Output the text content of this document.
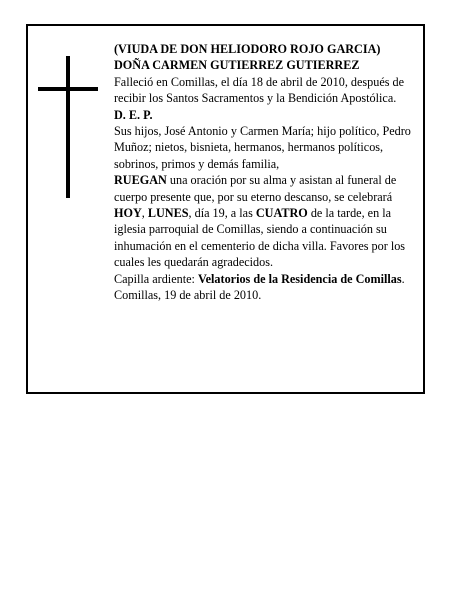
(VIUDA DE DON HELIODORO ROJO GARCIA)

DOÑA CARMEN GUTIERREZ GUTIERREZ

Falleció en Comillas, el día 18 de abril de 2010, después de recibir los Santos Sacramentos y la Bendición Apostólica.

D. E. P.

Sus hijos, José Antonio y Carmen María; hijo político, Pedro Muñoz; nietos, bisnieta, hermanos, hermanos políticos, sobrinos, primos y demás familia,

RUEGAN una oración por su alma y asistan al funeral de cuerpo presente que, por su eterno descanso, se celebrará HOY, LUNES, día 19, a las CUATRO de la tarde, en la iglesia parroquial de Comillas, siendo a continuación su inhumación en el cementerio de dicha villa. Favores por los cuales les quedarán agradecidos.

Capilla ardiente: Velatorios de la Residencia de Comillas.

Comillas, 19 de abril de 2010.
